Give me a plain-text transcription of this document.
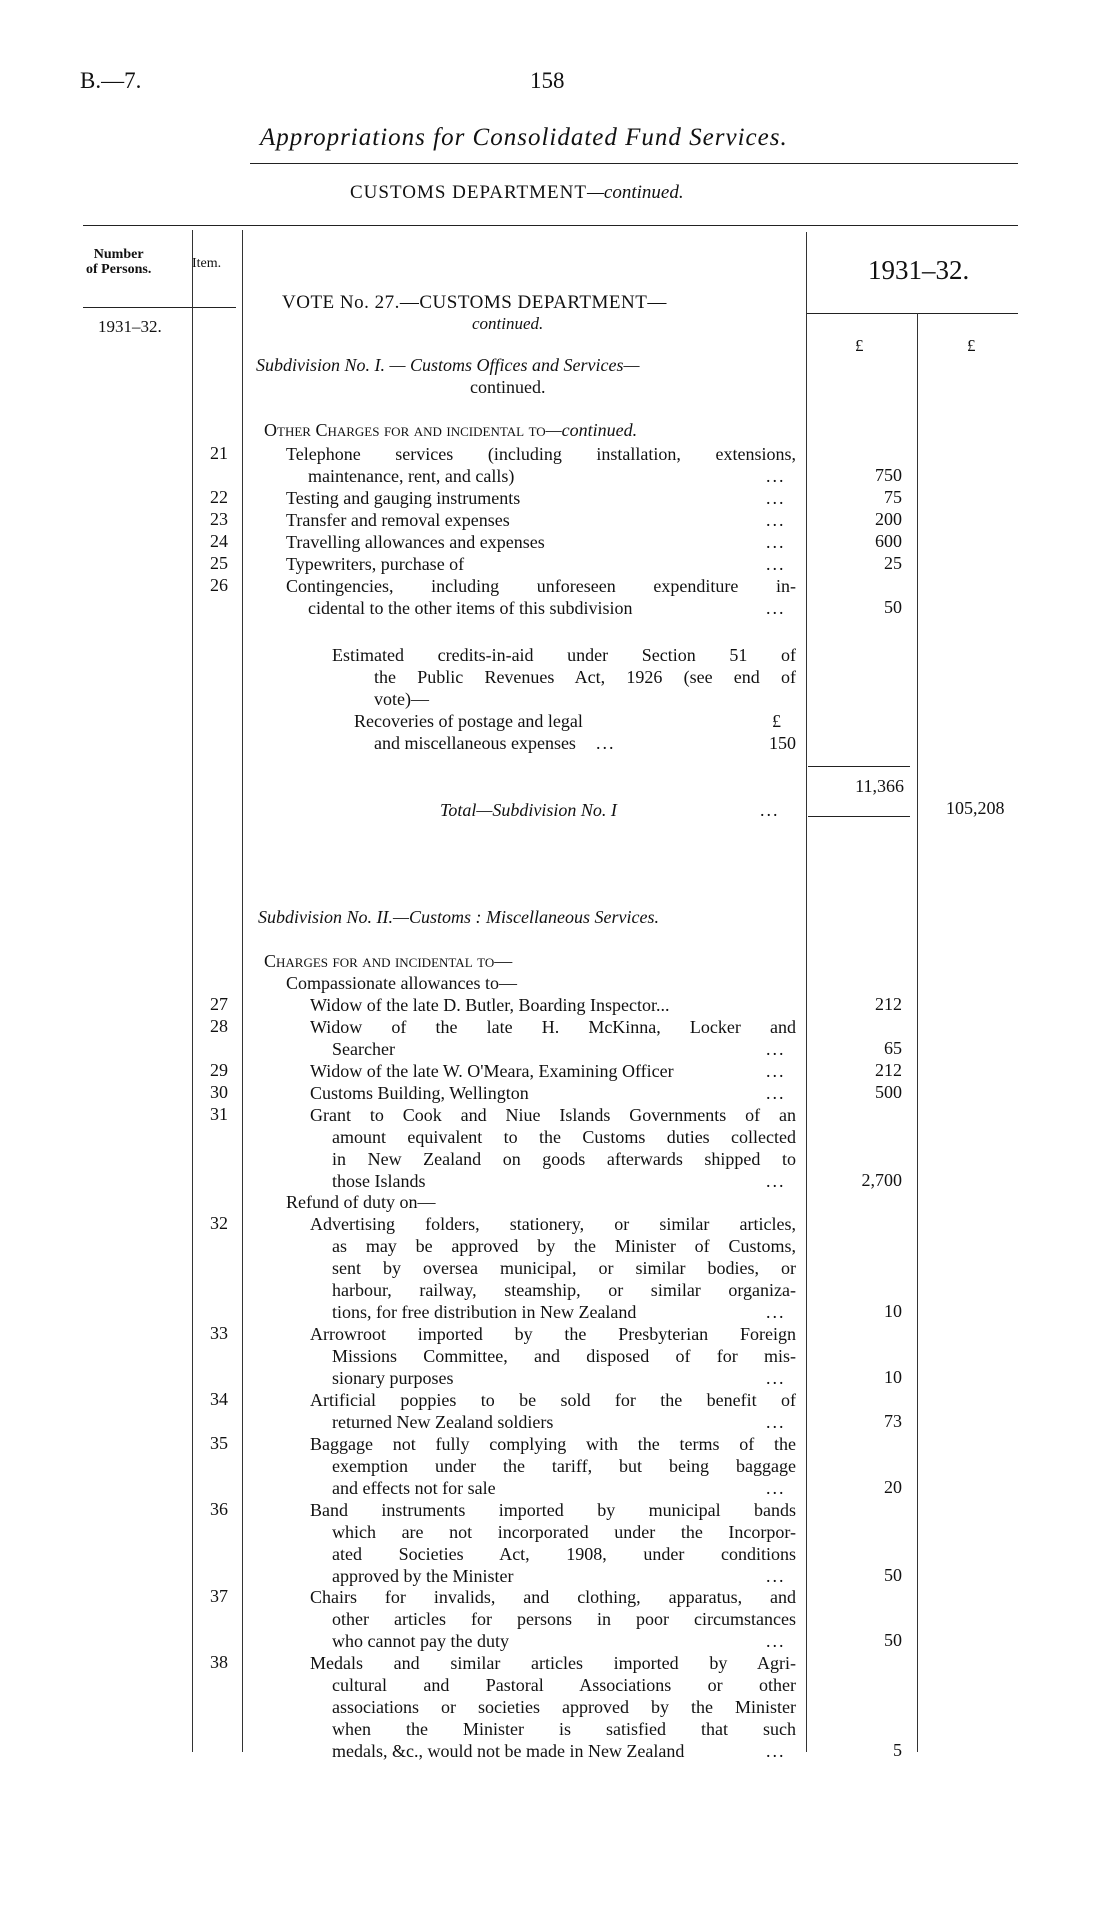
B.—7.	158
Appropriations for Consolidated Fund Services.
CUSTOMS DEPARTMENT—continued.
Number
of Persons.	Item.	1931–32.
1931–32.
£	£
VOTE No. 27.—CUSTOMS DEPARTMENT—
continued.
Subdivision No. I. — Customs Offices and Services—
continued.
Other Charges for and incidental to—continued.
21	Telephone services (including installation, extensions,
maintenance, rent, and calls)	...	750
22	Testing and gauging instruments	...	75
23	Transfer and removal expenses	...	200
24	Travelling allowances and expenses	...	600
25	Typewriters, purchase of	...	25
26	Contingencies, including unforeseen expenditure in-
cidental to the other items of this subdivision	...	50
Estimated credits-in-aid under Section 51 of
the Public Revenues Act, 1926 (see end of
vote)—
Recoveries of postage and legal	£
and miscellaneous expenses ...	150
11,366
Total—Subdivision No. I	...	105,208
Subdivision No. II.—Customs : Miscellaneous Services.
Charges for and incidental to—
Compassionate allowances to—
Refund of duty on—
27	Widow of the late D. Butler, Boarding Inspector...	212
28	Widow of the late H. McKinna, Locker and
Searcher	...	65
29	Widow of the late W. O'Meara, Examining Officer	...	212
30	Customs Building, Wellington	...	500
31	Grant to Cook and Niue Islands Governments of an
amount equivalent to the Customs duties collected
in New Zealand on goods afterwards shipped to
those Islands	...	2,700
32	Advertising folders, stationery, or similar articles,
as may be approved by the Minister of Customs,
sent by oversea municipal, or similar bodies, or
harbour, railway, steamship, or similar organiza-
tions, for free distribution in New Zealand	...	10
33	Arrowroot imported by the Presbyterian Foreign
Missions Committee, and disposed of for mis-
sionary purposes	...	10
34	Artificial poppies to be sold for the benefit of
returned New Zealand soldiers	...	73
35	Baggage not fully complying with the terms of the
exemption under the tariff, but being baggage
and effects not for sale	...	20
36	Band instruments imported by municipal bands
which are not incorporated under the Incorpor-
ated Societies Act, 1908, under conditions
approved by the Minister	...	50
37	Chairs for invalids, and clothing, apparatus, and
other articles for persons in poor circumstances
who cannot pay the duty	...	50
38	Medals and similar articles imported by Agri-
cultural and Pastoral Associations or other
associations or societies approved by the Minister
when the Minister is satisfied that such
medals, &c., would not be made in New Zealand	...	5
